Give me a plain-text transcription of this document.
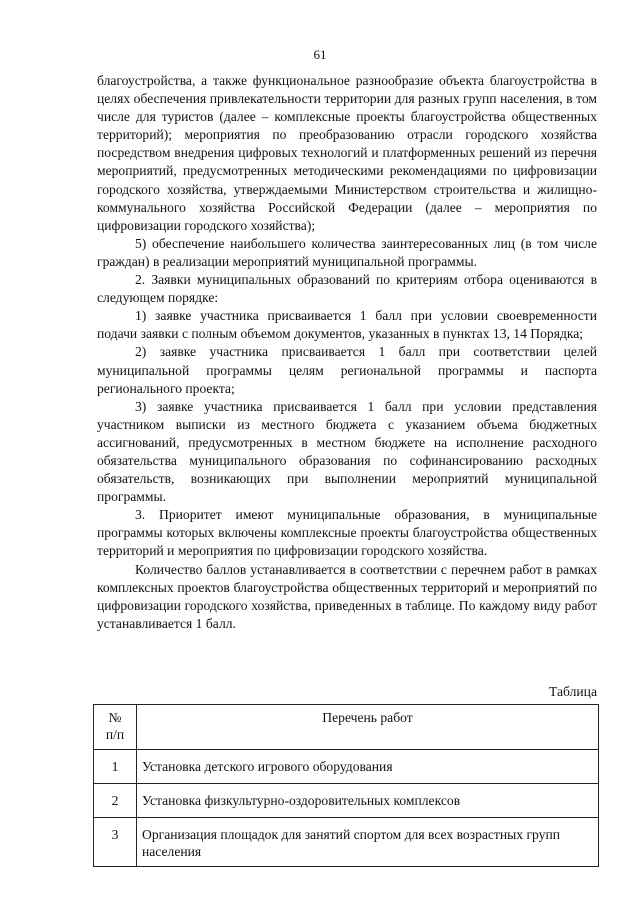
61

благоустройства, а также функциональное разнообразие объекта благоустройства в целях обеспечения привлекательности территории для разных групп населения, в том числе для туристов (далее – комплексные проекты благоустройства общественных территорий); мероприятия по преобразованию отрасли городского хозяйства посредством внедрения цифровых технологий и платформенных решений из перечня мероприятий, предусмотренных методическими рекомендациями по цифровизации городского хозяйства, утверждаемыми Министерством строительства и жилищно-коммунального хозяйства Российской Федерации (далее – мероприятия по цифровизации городского хозяйства);

5) обеспечение наибольшего количества заинтересованных лиц (в том числе граждан) в реализации мероприятий муниципальной программы.

2. Заявки муниципальных образований по критериям отбора оцениваются в следующем порядке:

1) заявке участника присваивается 1 балл при условии своевременности подачи заявки с полным объемом документов, указанных в пунктах 13, 14 Порядка;

2) заявке участника присваивается 1 балл при соответствии целей муниципальной программы целям региональной программы и паспорта регионального проекта;

3) заявке участника присваивается 1 балл при условии представления участником выписки из местного бюджета с указанием объема бюджетных ассигнований, предусмотренных в местном бюджете на исполнение расходного обязательства муниципального образования по софинансированию расходных обязательств, возникающих при выполнении мероприятий муниципальной программы.

3. Приоритет имеют муниципальные образования, в муниципальные программы которых включены комплексные проекты благоустройства общественных территорий и мероприятия по цифровизации городского хозяйства.

Количество баллов устанавливается в соответствии с перечнем работ в рамках комплексных проектов благоустройства общественных территорий и мероприятий по цифровизации городского хозяйства, приведенных в таблице. По каждому виду работ устанавливается 1 балл.

Таблица
№
п/п	Перечень работ
1	Установка детского игрового оборудования
2	Установка физкультурно-оздоровительных комплексов
3	Организация площадок для занятий спортом для всех возрастных групп населения
